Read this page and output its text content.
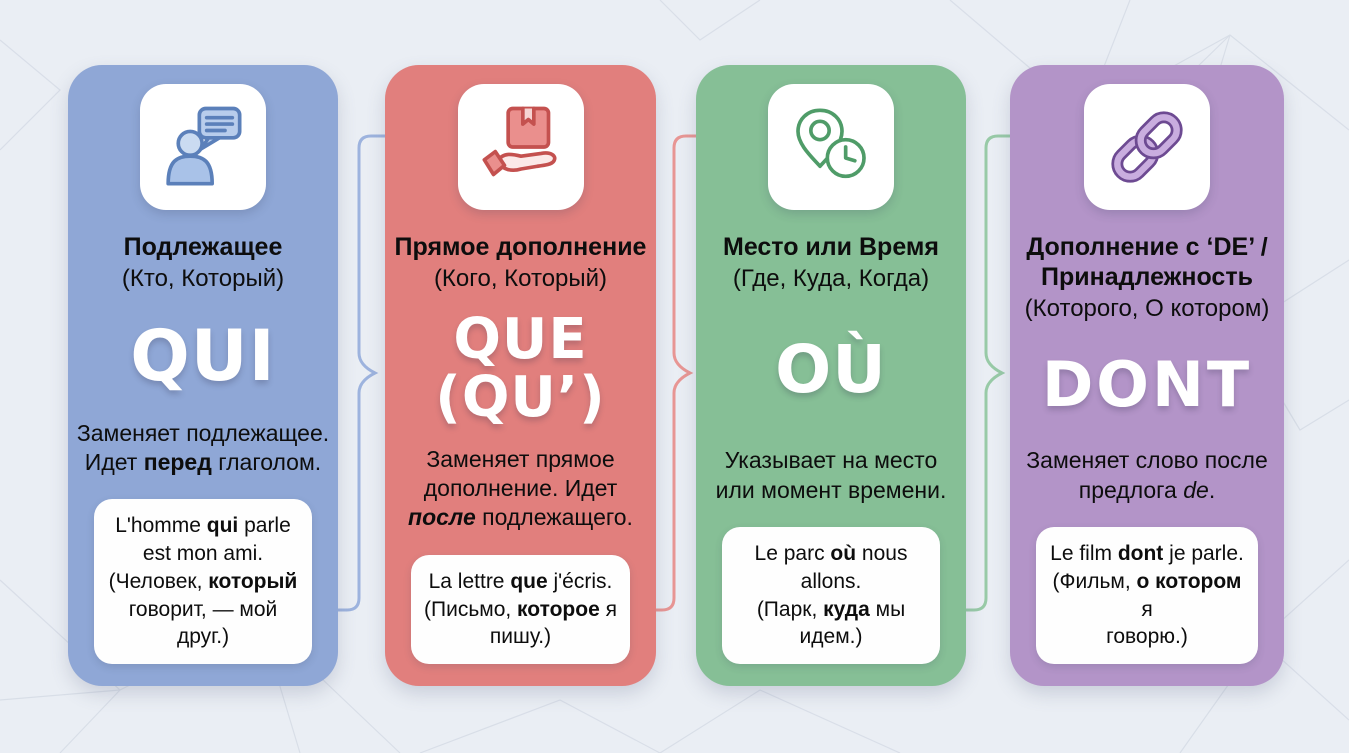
Подлежащее
(Кто, Который)
QUI
Заменяет подлежащее.
Идет перед глаголом.
L'homme qui parle
est mon ami.
(Человек, который
говорит, — мой друг.)
Прямое дополнение
(Кого, Который)
QUE
(QU’)
Заменяет прямое
дополнение. Идет
после подлежащего.
La lettre que j'écris.
(Письмо, которое я
пишу.)
Место или Время
(Где, Куда, Когда)
OÙ
Указывает на место
или момент времени.
Le parc où nous allons.
(Парк, куда мы идем.)
Дополнение с ‘DE’ /
Принадлежность
(Которого, О котором)
DONT
Заменяет слово после
предлога de.
Le film dont je parle.
(Фильм, о котором я
говорю.)
